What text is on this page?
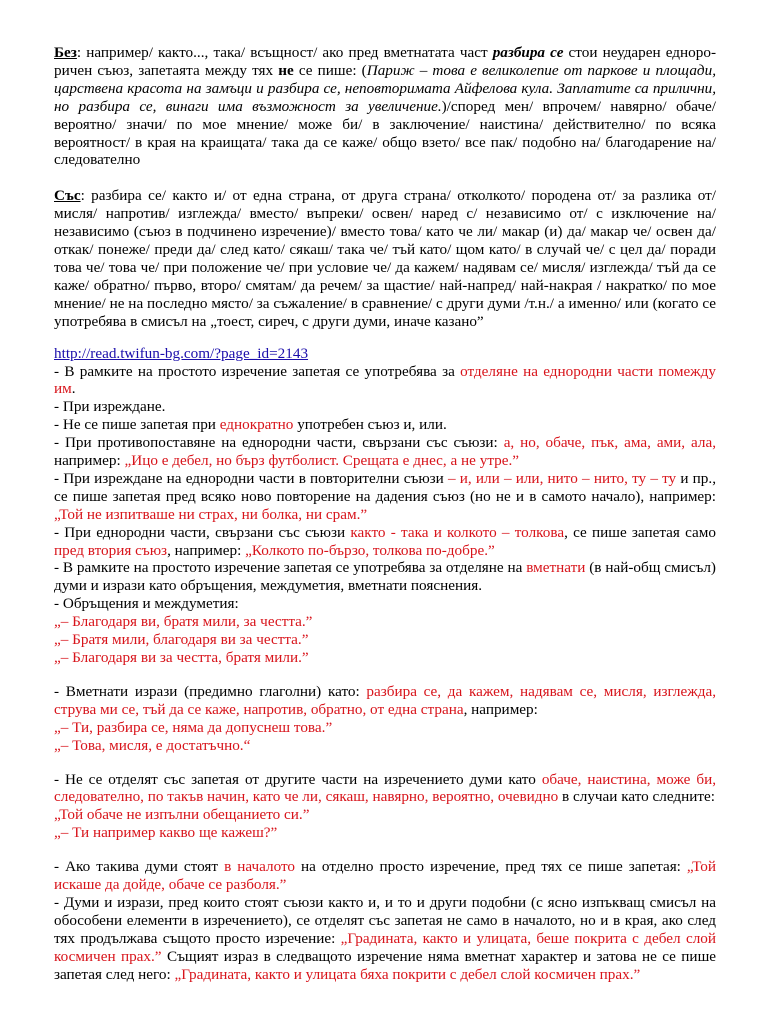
Без: например/ както..., така/ всъщност/ ако пред вметнатата част разбира се стои неударен еднороричен съюз, запетаята между тях не се пише: (Париж – това е великолепие от паркове и площади, царствена красота на замъци и разбира се, неповторимата Айфелова кула. Заплатите са прилични, но разбира се, винаги има възможност за увеличение.)/според мен/ впрочем/ навярно/ обаче/ вероятно/ значи/ по мое мнение/ може би/ в заключение/ наистина/ действително/ по всяка вероятност/ в края на краищата/ така да се каже/ общо взето/ все пак/ подобно на/ благодарение на/ следователно

Със: разбира се/ както и/ от една страна, от друга страна/ отколкото/ породена от/ за разлика от/ мисля/ напротив/ изглежда/ вместо/ въпреки/ освен/ наред с/ независимо от/ с изключение на/ независимо (съюз в подчинено изречение)/ вместо това/ като че ли/ макар (и) да/ макар че/ освен да/ откак/ понеже/ преди да/ след като/ сякаш/ така че/ тъй като/ щом като/ в случай че/ с цел да/ поради това че/ това че/ при положение че/ при условие че/ да кажем/ надявам се/ мисля/ изглежда/ тъй да се каже/ обратно/ първо, второ/ смятам/ да речем/ за щастие/ най-напред/ най-накрая / накратко/ по мое мнение/ не на последно място/ за съжаление/ в сравнение/ с други думи /т.н./ а именно/ или (когато се употребява в смисъл на „тоест, сиреч, с други думи, иначе казано”

http://read.twifun-bg.com/?page_id=2143

- В рамките на простото изречение запетая се употребява за отделяне на еднородни части помежду им.

- При изреждане.

- Не се пише запетая при еднократно употребен съюз и, или.

- При противопоставяне на еднородни части, свързани със съюзи: а, но, обаче, пък, ама, ами, ала, например: „Ицо е дебел, но бърз футболист. Срещата е днес, а не утре.”

- При изреждане на еднородни части в повторителни съюзи – и, или – или, нито – нито, ту – ту и пр., се пише запетая пред всяко ново повторение на дадения съюз (но не и в самото начало), например: „Той не изпитваше ни страх, ни болка, ни срам.”

- При еднородни части, свързани със съюзи както - така и колкото – толкова, се пише запетая само пред втория съюз, например: „Колкото по-бързо, толкова по-добре.”

- В рамките на простото изречение запетая се употребява за отделяне на вметнати (в най-общ смисъл) думи и изрази като обръщения, междуметия, вметнати пояснения.

- Обръщения и междуметия:

„– Благодаря ви, братя мили, за честта.”

„– Братя мили, благодаря ви за честта.”

„– Благодаря ви за честта, братя мили.”

- Вметнати изрази (предимно глаголни) като: разбира се, да кажем, надявам се, мисля, изглежда, струва ми се, тъй да се каже, напротив, обратно, от една страна, например:

„– Ти, разбира се, няма да допуснеш това.”

„– Това, мисля, е достатъчно.“

- Не се отделят със запетая от другите части на изречението думи като обаче, наистина, може би, следователно, по такъв начин, като че ли, сякаш, навярно, вероятно, очевидно в случаи като следните:

„Той обаче не изпълни обещанието си.”

„– Ти например какво ще кажеш?”

- Ако такива думи стоят в началото на отделно просто изречение, пред тях се пише запетая: „Той искаше да дойде, обаче се разболя.”

- Думи и изрази, пред които стоят съюзи както и, и то и други подобни (с ясно изпъкващ смисъл на обособени елементи в изречението), се отделят със запетая не само в началото, но и в края, ако след тях продължава същото просто изречение: „Градината, както и улицата, беше покрита с дебел слой космичен прах.” Същият израз в следващото изречение няма вметнат характер и затова не се пише запетая след него: „Градината, както и улицата бяха покрити с дебел слой космичен прах.”
